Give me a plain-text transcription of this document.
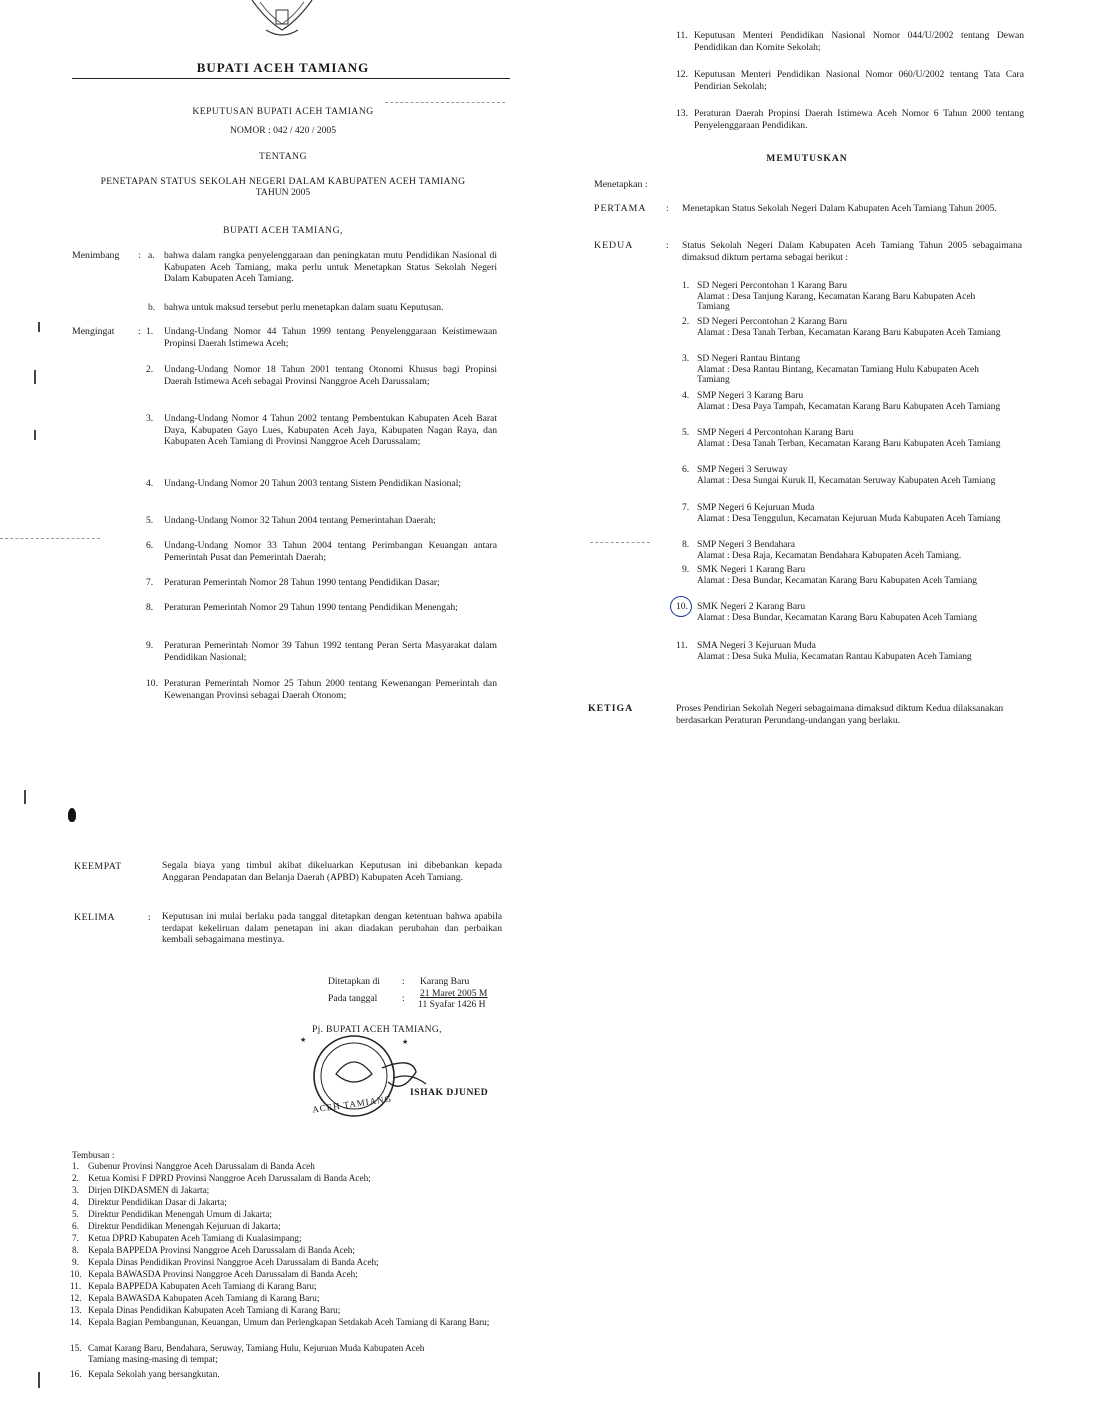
BUPATI ACEH TAMIANG
KEPUTUSAN BUPATI ACEH TAMIANG
NOMOR : 042 / 420 / 2005
TENTANG
PENETAPAN STATUS SEKOLAH NEGERI DALAM KABUPATEN ACEH TAMIANG
TAHUN 2005
BUPATI ACEH TAMIANG,
Menimbang : a. bahwa dalam rangka penyelenggaraan dan peningkatan mutu Pendidikan Nasional di Kabupaten Aceh Tamiang, maka perlu untuk Menetapkan Status Sekolah Negeri Dalam Kabupaten Aceh Tamiang.
b. bahwa untuk maksud tersebut perlu menetapkan dalam suatu Keputusan.
Mengingat : 1. Undang-Undang Nomor 44 Tahun 1999 tentang Penyelenggaraan Keistimewaan Propinsi Daerah Istimewa Aceh;
2. Undang-Undang Nomor 18 Tahun 2001 tentang Otonomi Khusus bagi Propinsi Daerah Istimewa Aceh sebagai Provinsi Nanggroe Aceh Darussalam;
3. Undang-Undang Nomor 4 Tahun 2002 tentang Pembentukan Kabupaten Aceh Barat Daya, Kabupaten Gayo Lues, Kabupaten Aceh Jaya, Kabupaten Nagan Raya, dan Kabupaten Aceh Tamiang di Provinsi Nanggroe Aceh Darussalam;
4. Undang-Undang Nomor 20 Tahun 2003 tentang Sistem Pendidikan Nasional;
5. Undang-Undang Nomor 32 Tahun 2004 tentang Pemerintahan Daerah;
6. Undang-Undang Nomor 33 Tahun 2004 tentang Perimbangan Keuangan antara Pemerintah Pusat dan Pemerintah Daerah;
7. Peraturan Pemerintah Nomor 28 Tahun 1990 tentang Pendidikan Dasar;
8. Peraturan Pemerintah Nomor 29 Tahun 1990 tentang Pendidikan Menengah;
9. Peraturan Pemerintah Nomor 39 Tahun 1992 tentang Peran Serta Masyarakat dalam Pendidikan Nasional;
10. Peraturan Pemerintah Nomor 25 Tahun 2000 tentang Kewenangan Pemerintah dan Kewenangan Provinsi sebagai Daerah Otonom;
11. Keputusan Menteri Pendidikan Nasional Nomor 044/U/2002 tentang Dewan Pendidikan dan Komite Sekolah;
12. Keputusan Menteri Pendidikan Nasional Nomor 060/U/2002 tentang Tata Cara Pendirian Sekolah;
13. Peraturan Daerah Propinsi Daerah Istimewa Aceh Nomor 6 Tahun 2000 tentang Penyelenggaraan Pendidikan.
MEMUTUSKAN
Menetapkan :
PERTAMA : Menetapkan Status Sekolah Negeri Dalam Kabupaten Aceh Tamiang Tahun 2005.
KEDUA	: Status Sekolah Negeri Dalam Kabupaten Aceh Tamiang Tahun 2005 sebagaimana dimaksud diktum pertama sebagai berikut :
1. SD Negeri Percontohan 1 Karang Baru
Alamat : Desa Tanjung Karang, Kecamatan Karang Baru Kabupaten Aceh Tamiang
2. SD Negeri Percontohan 2 Karang Baru
Alamat : Desa Tanah Terban, Kecamatan Karang Baru Kabupaten Aceh Tamiang
3. SD Negeri Rantau Bintang
Alamat : Desa Rantau Bintang, Kecamatan Tamiang Hulu Kabupaten Aceh Tamiang
4. SMP Negeri 3 Karang Baru
Alamat : Desa Paya Tampah, Kecamatan Karang Baru Kabupaten Aceh Tamiang
5. SMP Negeri 4 Percontohan Karang Baru
Alamat : Desa Tanah Terban, Kecamatan Karang Baru Kabupaten Aceh Tamiang
6. SMP Negeri 3 Seruway
Alamat : Desa Sungai Kuruk II, Kecamatan Seruway Kabupaten Aceh Tamiang
7. SMP Negeri 6 Kejuruan Muda
Alamat : Desa Tenggulun, Kecamatan Kejuruan Muda Kabupaten Aceh Tamiang
8. SMP Negeri 3 Bendahara
Alamat : Desa Raja, Kecamatan Bendahara Kabupaten Aceh Tamiang.
9. SMK Negeri 1 Karang Baru
Alamat : Desa Bundar, Kecamatan Karang Baru Kabupaten Aceh Tamiang
10. SMK Negeri 2 Karang Baru
Alamat : Desa Bundar, Kecamatan Karang Baru Kabupaten Aceh Tamiang
11. SMA Negeri 3 Kejuruan Muda
Alamat : Desa Suka Mulia, Kecamatan Rantau Kabupaten Aceh Tamiang
KETIGA	Proses Pendirian Sekolah Negeri sebagaimana dimaksud diktum Kedua dilaksanakan berdasarkan Peraturan Perundang-undangan yang berlaku.
KEEMPAT	Segala biaya yang timbul akibat dikeluarkan Keputusan ini dibebankan kepada Anggaran Pendapatan dan Belanja Daerah (APBD) Kabupaten Aceh Tamiang.
KELIMA	: Keputusan ini mulai berlaku pada tanggal ditetapkan dengan ketentuan bahwa apabila terdapat kekeliruan dalam penetapan ini akan diadakan perubahan dan perbaikan kembali sebagaimana mestinya.
Ditetapkan di : Karang Baru
Pada tanggal	: 21 Maret 2005 M
11 Syafar 1426 H
Pj. BUPATI ACEH TAMIANG,
★	★
ACEH TAMIANG
ISHAK DJUNED
Tembusan :
1. Gubenur Provinsi Nanggroe Aceh Darussalam di Banda Aceh
2. Ketua Komisi F DPRD Provinsi Nanggroe Aceh Darussalam di Banda Aceh;
3. Dirjen DIKDASMEN di Jakarta;
4. Direktur Pendidikan Dasar di Jakarta;
5. Direktur Pendidikan Menengah Umum di Jakarta;
6. Direktur Pendidikan Menengah Kejuruan di Jakarta;
7. Ketua DPRD Kabupaten Aceh Tamiang di Kualasimpang;
8. Kepala BAPPEDA Provinsi Nanggroe Aceh Darussalam di Banda Aceh;
9. Kepala Dinas Pendidikan Provinsi Nanggroe Aceh Darussalam di Banda Aceh;
10. Kepala BAWASDA Provinsi Nanggroe Aceh Darussalam di Banda Aceh;
11. Kepala BAPPEDA Kabupaten Aceh Tamiang di Karang Baru;
12. Kepala BAWASDA Kabupaten Aceh Tamiang di Karang Baru;
13. Kepala Dinas Pendidikan Kabupaten Aceh Tamiang di Karang Baru;
14. Kepala Bagian Pembangunan, Keuangan, Umum dan Perlengkapan Setdakab Aceh Tamiang di Karang Baru;
15. Camat Karang Baru, Bendahara, Seruway, Tamiang Hulu, Kejuruan Muda Kabupaten Aceh Tamiang masing-masing di tempat;
16. Kepala Sekolah yang bersangkutan.
